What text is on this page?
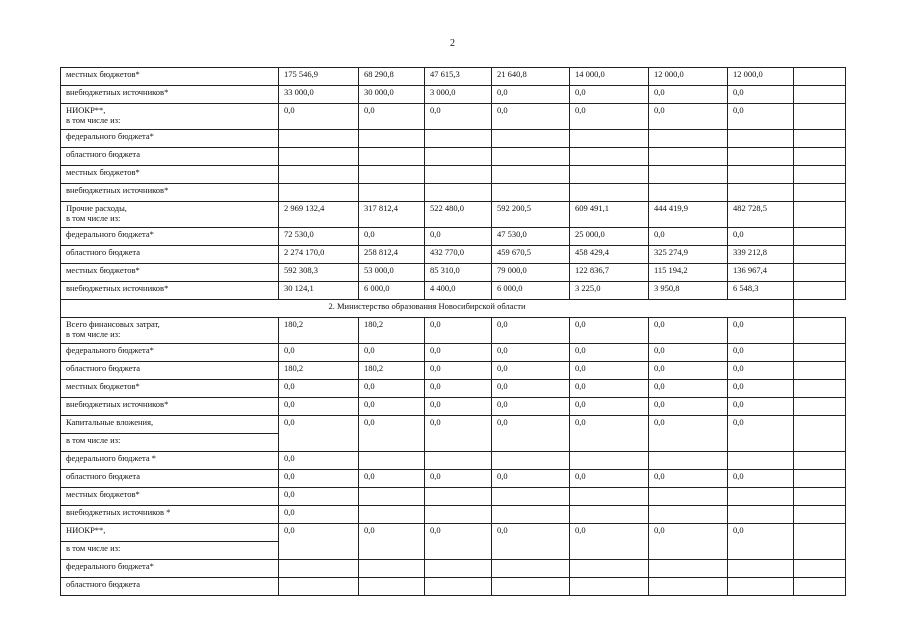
2
местных бюджетов*	175 546,9	68 290,8	47 615,3	21 640,8	14 000,0	12 000,0	12 000,0	

внебюджетных источников*	33 000,0	30 000,0	3 000,0	0,0	0,0	0,0	0,0	

НИОКР**,
в том числе из:	0,0	0,0	0,0	0,0	0,0	0,0	0,0	

федерального бюджета*								

областного бюджета								

местных бюджетов*								

внебюджетных источников*								

Прочие расходы,
в том числе из:	2 969 132,4	317 812,4	522 480,0	592 200,5	609 491,1	444 419,9	482 728,5	

федерального бюджета*	72 530,0	0,0	0,0	47 530,0	25 000,0	0,0	0,0	

областного бюджета	2 274 170,0	258 812,4	432 770,0	459 670,5	458 429,4	325 274,9	339 212,8	

местных бюджетов*	592 308,3	53 000,0	85 310,0	79 000,0	122 836,7	115 194,2	136 967,4	

внебюджетных источников*	30 124,1	6 000,0	4 400,0	6 000,0	3 225,0	3 950,8	6 548,3	
2. Министерство образования Новосибирской области								

Всего финансовых затрат,
в том числе из:	180,2	180,2	0,0	0,0	0,0	0,0	0,0	

федерального бюджета*	0,0	0,0	0,0	0,0	0,0	0,0	0,0	

областного бюджета	180,2	180,2	0,0	0,0	0,0	0,0	0,0	

местных бюджетов*	0,0	0,0	0,0	0,0	0,0	0,0	0,0	

внебюджетных источников*	0,0	0,0	0,0	0,0	0,0	0,0	0,0	
Капитальные вложения,	0,0	0,0	0,0	0,0	0,0	0,0	0,0	
в том числе из:								
федерального бюджета *	0,0							
областного бюджета	0,0	0,0	0,0	0,0	0,0	0,0	0,0	
местных бюджетов*	0,0							
внебюджетных источников *	0,0							
НИОКР**,	0,0	0,0	0,0	0,0	0,0	0,0	0,0	
в том числе из:								
федерального бюджета*								
областного бюджета								
